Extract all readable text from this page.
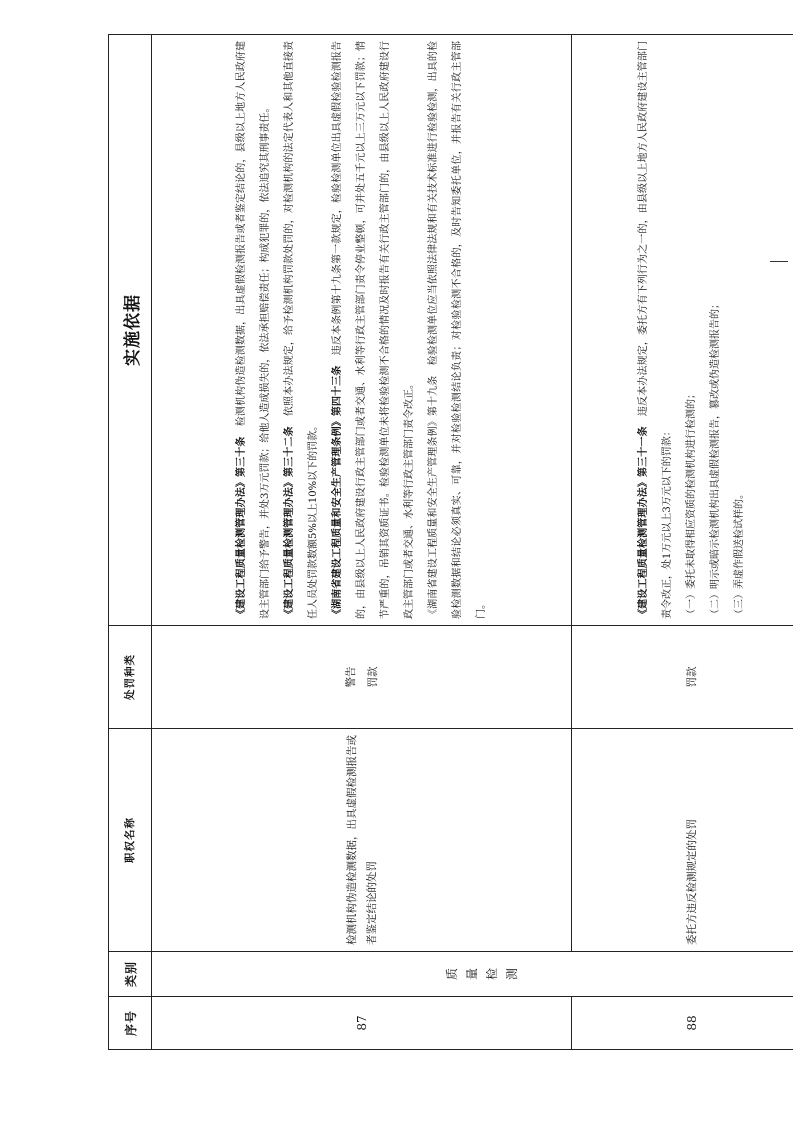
序号	类别	职权名称	处罚种类	实施依据
87	质量检测	检测机构伪造检测数据，出具虚假检测报告或者鉴定结论的处罚	警告 罚款	《建设工程质量检测管理办法》第三十条　检测机构伪造检测数据，出具虚假检测报告或者鉴定结论的，县级以上地方人民政府建设主管部门给予警告，并处3万元罚款；给他人造成损失的，依法承担赔偿责任；构成犯罪的，依法追究其刑事责任。 《建设工程质量检测管理办法》第三十二条　依照本办法规定，给予检测机构罚款处罚的，对检测机构的法定代表人和其他直接责任人员处罚款数额5%以上10%以下的罚款。 《湖南省建设工程质量和安全生产管理条例》第四十三条　违反本条例第十九条第一款规定，检验检测单位出具虚假检验检测报告的，由县级以上人民政府建设行政主管部门或者交通、水利等行政主管部门责令停业整顿，可并处五千元以上三万元以下罚款；情节严重的，吊销其资质证书。检验检测单位未将检验检测不合格的情况及时报告有关行政主管部门的，由县级以上人民政府建设行政主管部门或者交通、水利等行政主管部门责令改正。 《湖南省建设工程质量和安全生产管理条例》第十九条　检验检测单位应当依照法律法规和有关技术标准进行检验检测，出具的检验检测数据和结论必须真实、可靠，并对检验检测结论负责；对检验检测不合格的，及时告知委托单位，并报告有关行政主管部门。

88		委托方违反检测规定的处罚	罚款	《建设工程质量检测管理办法》第三十一条　违反本办法规定，委托方有下列行为之一的，由县级以上地方人民政府建设主管部门责令改正，处1万元以上3万元以下的罚款： （一）委托未取得相应资质的检测机构进行检测的； （二）明示或暗示检测机构出具虚假检测报告，篡改或伪造检测报告的； （三）弄虚作假送检试样的。
